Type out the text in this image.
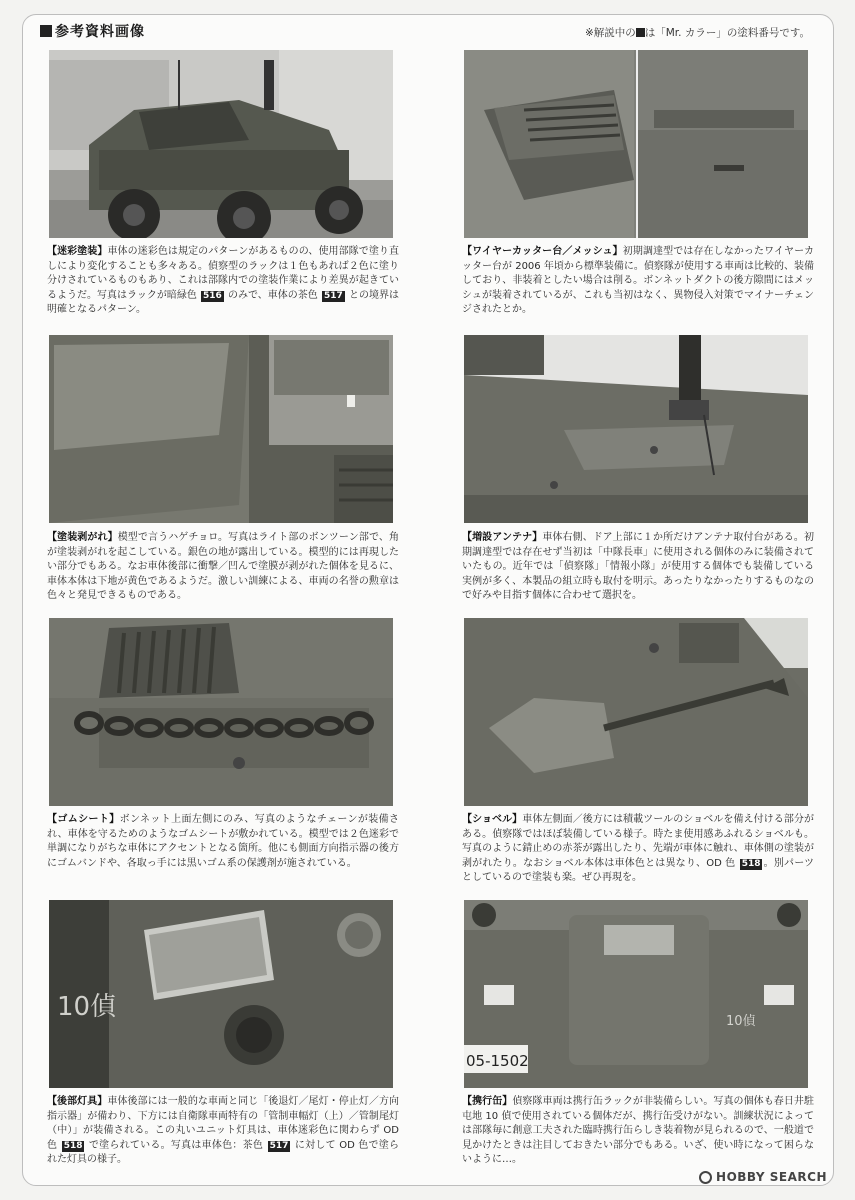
参考資料画像	※解説中の は「Mr. カラー」の塗料番号です。
10偵
05-1502
10偵
【迷彩塗装】車体の迷彩色は規定のパターンがあるものの、使用部隊で塗り直しにより変化することも多々ある。偵察型のラックは１色もあれば２色に塗り分けされているものもあり、これは部隊内での塗装作業により差異が起きているようだ。写真はラックが暗緑色 516 のみで、車体の茶色 517 との境界は明確となるパターン。
【ワイヤーカッター台／メッシュ】初期調達型では存在しなかったワイヤーカッター台が 2006 年頃から標準装備に。偵察隊が使用する車両は比較的、装備しており、非装着としたい場合は削る。ボンネットダクトの後方隙間にはメッシュが装着されているが、これも当初はなく、異物侵入対策でマイナーチェンジされたとか。
【塗装剥がれ】模型で言うハゲチョロ。写真はライト部のボンツーン部で、角が塗装剥がれを起こしている。銀色の地が露出している。模型的には再現したい部分でもある。なお車体後部に衝撃／凹んで塗膜が剥がれた個体を見るに、車体本体は下地が黄色であるようだ。激しい訓練による、車両の名誉の勲章は色々と発見できるものである。
【増設アンテナ】車体右側、ドア上部に１か所だけアンテナ取付台がある。初期調達型では存在せず当初は「中隊長車」に使用される個体のみに装備されていたもの。近年では「偵察隊」「情報小隊」が使用する個体でも装備している実例が多く、本製品の組立時も取付を明示。あったりなかったりするものなので好みや目指す個体に合わせて選択を。
【ゴムシート】ボンネット上面左側にのみ、写真のようなチェーンが装備され、車体を守るためのようなゴムシートが敷かれている。模型では２色迷彩で単調になりがちな車体にアクセントとなる箇所。他にも側面方向指示器の後方にゴムバンドや、各取っ手には黒いゴム系の保護剤が施されている。
【ショベル】車体左側面／後方には積載ツールのショベルを備え付ける部分がある。偵察隊ではほぼ装備している様子。時たま使用感あふれるショベルも。写真のように錆止めの赤茶が露出したり、先端が車体に触れ、車体側の塗装が剥がれたり。なおショベル本体は車体色とは異なり、OD 色 518 。別パーツとしているので塗装も楽。ぜひ再現を。
【後部灯具】車体後部には一般的な車両と同じ「後退灯／尾灯・停止灯／方向指示器」が備わり、下方には自衛隊車両特有の「管制車幅灯（上）／管制尾灯（中）」が装備される。この丸いユニット灯具は、車体迷彩色に関わらず OD 色 518 で塗られている。写真は車体色：茶色 517 に対して OD 色で塗られた灯具の様子。
【携行缶】偵察隊車両は携行缶ラックが非装備らしい。写真の個体も春日井駐屯地 10 偵で使用されている個体だが、携行缶受けがない。訓練状況によっては部隊毎に創意工夫された臨時携行缶らしき装着物が見られるので、一般道で見かけたときは注目しておきたい部分でもある。いざ、使い時になって困らないように…。
HOBBY SEARCH
